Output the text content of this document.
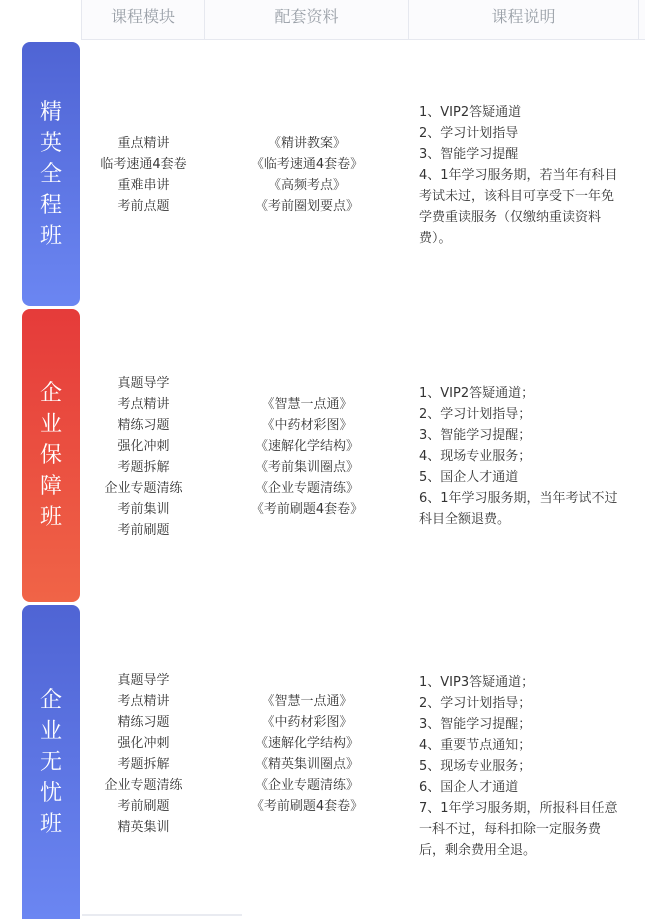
课程模块	配套资料	课程说明
精英全程班
重点精讲
临考速通4套卷
重难串讲
考前点题
《精讲教案》
《临考速通4套卷》
《高频考点》
《考前圈划要点》
1、VIP2答疑通道
2、学习计划指导
3、智能学习提醒
4、1年学习服务期，若当年有科目考试未过，该科目可享受下一年免学费重读服务（仅缴纳重读资料费）。
企业保障班
真题导学
考点精讲
精练习题
强化冲刺
考题拆解
企业专题清练
考前集训
考前刷题
《智慧一点通》
《中药材彩图》
《速解化学结构》
《考前集训圈点》
《企业专题清练》
《考前刷题4套卷》
1、VIP2答疑通道；
2、学习计划指导；
3、智能学习提醒；
4、现场专业服务；
5、国企人才通道
6、1年学习服务期，当年考试不过科目全额退费。
企业无忧班
真题导学
考点精讲
精练习题
强化冲刺
考题拆解
企业专题清练
考前刷题
精英集训
《智慧一点通》
《中药材彩图》
《速解化学结构》
《精英集训圈点》
《企业专题清练》
《考前刷题4套卷》
1、VIP3答疑通道；
2、学习计划指导；
3、智能学习提醒；
4、重要节点通知；
5、现场专业服务；
6、国企人才通道
7、1年学习服务期，所报科目任意一科不过，每科扣除一定服务费后，剩余费用全退。
